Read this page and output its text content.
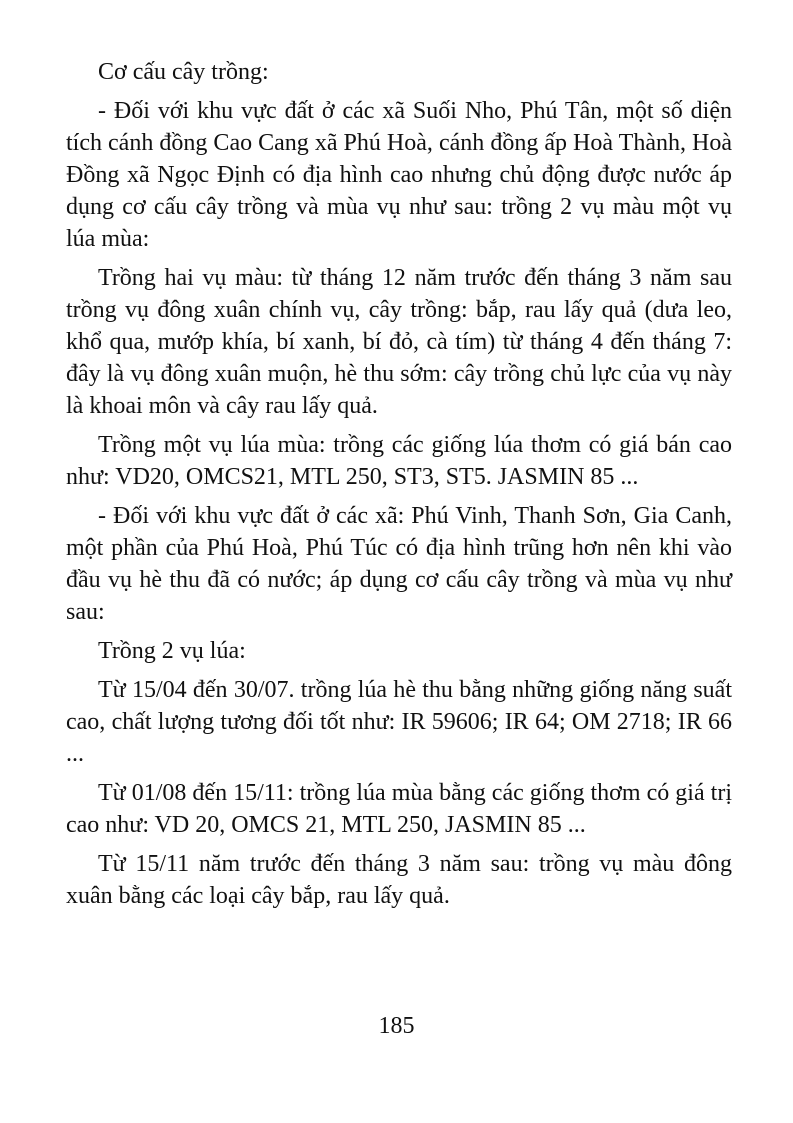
Cơ cấu cây trồng:

- Đối với khu vực đất ở các xã Suối Nho, Phú Tân, một số diện tích cánh đồng Cao Cang xã Phú Hoà, cánh đồng ấp Hoà Thành, Hoà Đồng xã Ngọc Định có địa hình cao nhưng chủ động được nước áp dụng cơ cấu cây trồng và mùa vụ như sau: trồng 2 vụ màu một vụ lúa mùa:

Trồng hai vụ màu: từ tháng 12 năm trước đến tháng 3 năm sau trồng vụ đông xuân chính vụ, cây trồng: bắp, rau lấy quả (dưa leo, khổ qua, mướp khía, bí xanh, bí đỏ, cà tím) từ tháng 4 đến tháng 7: đây là vụ đông xuân muộn, hè thu sớm: cây trồng chủ lực của vụ này là khoai môn và cây rau lấy quả.

Trồng một vụ lúa mùa: trồng các giống lúa thơm có giá bán cao như: VD20, OMCS21, MTL 250, ST3, ST5. JASMIN 85 ...

- Đối với khu vực đất ở các xã: Phú Vinh, Thanh Sơn, Gia Canh, một phần của Phú Hoà, Phú Túc có địa hình trũng hơn nên khi vào đầu vụ hè thu đã có nước; áp dụng cơ cấu cây trồng và mùa vụ như sau:

Trồng 2 vụ lúa:

Từ 15/04 đến 30/07. trồng lúa hè thu bằng những giống năng suất cao, chất lượng tương đối tốt như: IR 59606; IR 64; OM 2718; IR 66 ...

Từ 01/08 đến 15/11: trồng lúa mùa bằng các giống thơm có giá trị cao như: VD 20, OMCS 21, MTL 250, JASMIN 85 ...

Từ 15/11 năm trước đến tháng 3 năm sau: trồng vụ màu đông xuân bằng các loại cây bắp, rau lấy quả.

185
